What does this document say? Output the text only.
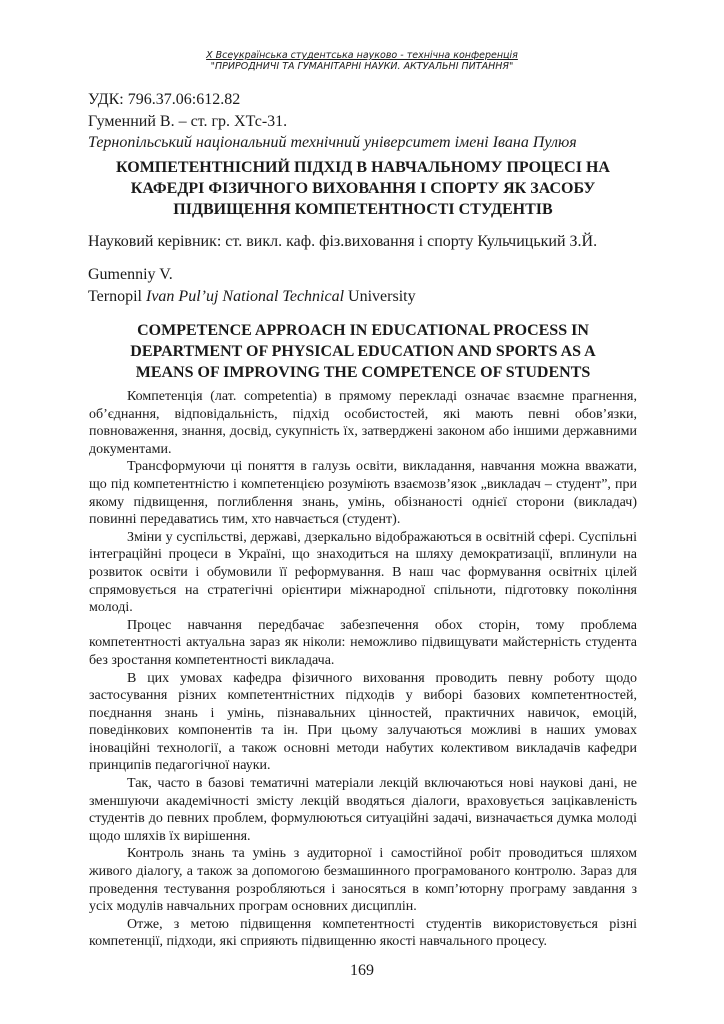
X Всеукраїнська студентська науково - технічна конференція
"ПРИРОДНИЧІ ТА ГУМАНІТАРНІ НАУКИ. АКТУАЛЬНІ ПИТАННЯ"
УДК: 796.37.06:612.82
Гуменний В. – ст. гр. ХТс-31.
Тернопільський національний технічний університет імені Івана Пулюя
КОМПЕТЕНТНІСНИЙ ПІДХІД В НАВЧАЛЬНОМУ ПРОЦЕСІ НА КАФЕДРІ ФІЗИЧНОГО ВИХОВАННЯ І СПОРТУ ЯК ЗАСОБУ ПІДВИЩЕННЯ КОМПЕТЕНТНОСТІ СТУДЕНТІВ
Науковий керівник: ст. викл. каф. фіз.виховання і спорту Кульчицький З.Й.
Gumenniy V.
Ternopil Ivan Pul’uj National Technical University
COMPETENCE APPROACH IN EDUCATIONAL PROCESS IN DEPARTMENT OF PHYSICAL EDUCATION AND SPORTS AS A MEANS OF IMPROVING THE COMPETENCE OF STUDENTS

Компетенція (лат. competentia) в прямому перекладі означає взаємне прагнення, об’єднання, відповідальність, підхід особистостей, які мають певні обов’язки, повноваження, знання, досвід, сукупність їх, затверджені законом або іншими державними документами.

Трансформуючи ці поняття в галузь освіти, викладання, навчання можна вважати, що під компетентністю і компетенцією розуміють взаємозв’язок „викладач – студент”, при якому підвищення, поглиблення знань, умінь, обізнаності однієї сторони (викладач) повинні передаватись тим, хто навчається (студент).

Зміни у суспільстві, державі, дзеркально відображаються в освітній сфері. Суспільні інтеграційні процеси в Україні, що знаходиться на шляху демократизації, вплинули на розвиток освіти і обумовили її реформування. В наш час формування освітніх цілей спрямовується на стратегічні орієнтири міжнародної спільноти, підготовку покоління молоді.

Процес навчання передбачає забезпечення обох сторін, тому проблема компетентності актуальна зараз як ніколи: неможливо підвищувати майстерність студента без зростання компетентності викладача.

В цих умовах кафедра фізичного виховання проводить певну роботу щодо застосування різних компетентністних підходів у виборі базових компетентностей, поєднання знань і умінь, пізнавальних цінностей, практичних навичок, емоцій, поведінкових компонентів та ін. При цьому залучаються можливі в наших умовах іноваційні технології, а також основні методи набутих колективом викладачів кафедри принципів педагогічної науки.

Так, часто в базові тематичні матеріали лекцій включаються нові наукові дані, не зменшуючи академічності змісту лекцій вводяться діалоги, враховується зацікавленість студентів до певних проблем, формулюються ситуаційні задачі, визначається думка молоді щодо шляхів їх вирішення.

Контроль знань та умінь з аудиторної і самостійної робіт проводиться шляхом живого діалогу, а також за допомогою безмашинного програмованого контролю. Зараз для проведення тестування розробляються і заносяться в комп’юторну програму завдання з усіх модулів навчальних програм основних дисциплін.

Отже, з метою підвищення компетентності студентів використовується різні компетенції, підходи, які сприяють підвищенню якості навчального процесу.

169
